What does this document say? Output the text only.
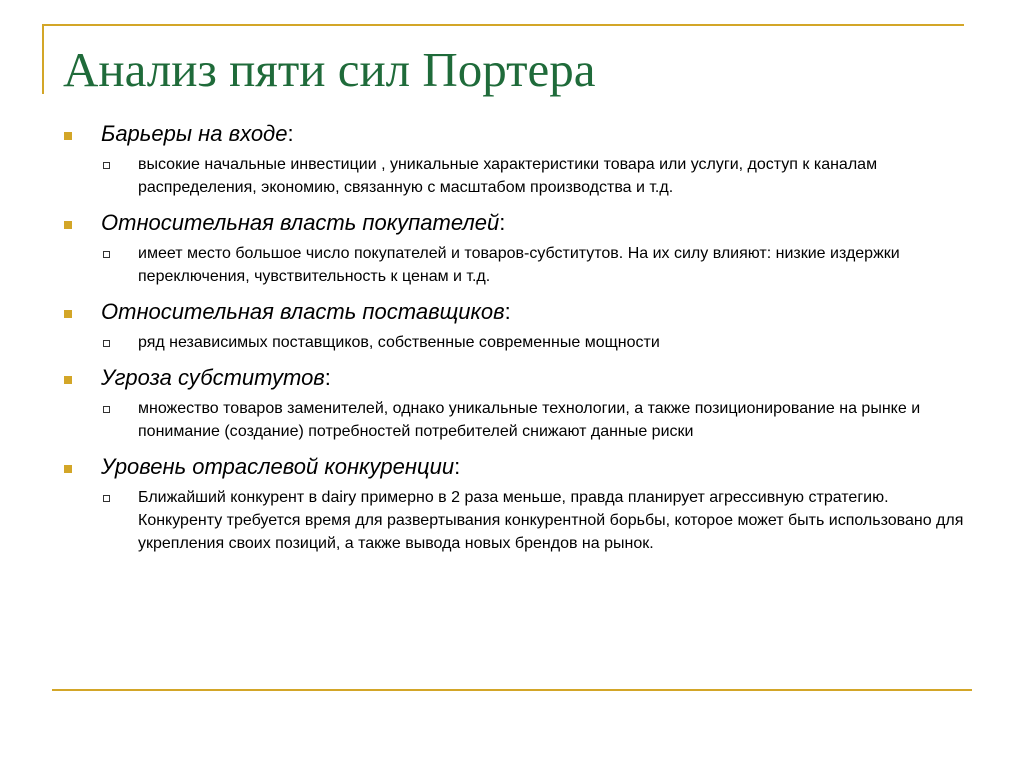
Анализ пяти сил Портера
Барьеры на входе:
высокие начальные инвестиции , уникальные характеристики товара или услуги, доступ к каналам распределения, экономию, связанную с масштабом производства и т.д.
Относительная власть покупателей:
имеет место большое число покупателей и товаров-субститутов. На их силу влияют: низкие издержки переключения, чувствительность к ценам и т.д.
Относительная власть поставщиков:
ряд независимых поставщиков, собственные современные мощности
Угроза субститутов:
множество товаров заменителей, однако уникальные технологии, а также позиционирование на рынке и понимание (создание) потребностей потребителей снижают данные риски
Уровень отраслевой конкуренции:
Ближайший конкурент в dairy примерно в 2 раза меньше, правда планирует агрессивную стратегию. Конкуренту требуется время для развертывания конкурентной борьбы, которое может быть использовано для укрепления своих позиций, а также вывода новых брендов на рынок.
